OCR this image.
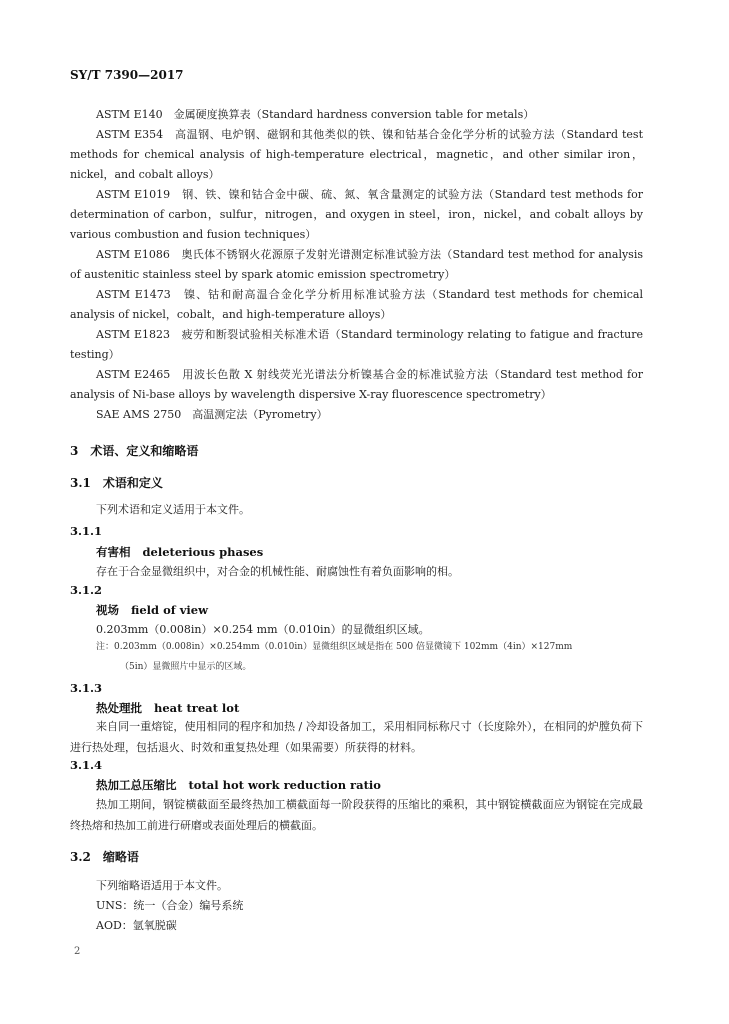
SY/T 7390—2017

ASTM E140　金属硬度换算表（Standard hardness conversion table for metals）

ASTM E354　高温钢、电炉钢、磁钢和其他类似的铁、镍和钴基合金化学分析的试验方法（Standard test methods for chemical analysis of high-temperature electrical，magnetic，and other similar iron，nickel，and cobalt alloys）

ASTM E1019　钢、铁、镍和钴合金中碳、硫、氮、氧含量测定的试验方法（Standard test methods for determination of carbon，sulfur，nitrogen，and oxygen in steel，iron，nickel，and cobalt alloys by various combustion and fusion techniques）

ASTM E1086　奥氏体不锈钢火花源原子发射光谱测定标准试验方法（Standard test method for analysis of austenitic stainless steel by spark atomic emission spectrometry）

ASTM E1473　镍、钴和耐高温合金化学分析用标准试验方法（Standard test methods for chemical analysis of nickel，cobalt，and high-temperature alloys）

ASTM E1823　疲劳和断裂试验相关标准术语（Standard terminology relating to fatigue and fracture testing）

ASTM E2465　用波长色散 X 射线荧光光谱法分析镍基合金的标准试验方法（Standard test method for analysis of Ni-base alloys by wavelength dispersive X-ray fluorescence spectrometry）

SAE AMS 2750　高温测定法（Pyrometry）

3　术语、定义和缩略语
3.1　术语和定义

下列术语和定义适用于本文件。

3.1.1
有害相 deleterious phases

存在于合金显微组织中，对合金的机械性能、耐腐蚀性有着负面影响的相。

3.1.2
视场 field of view
0.203mm（0.008in）×0.254 mm（0.010in）的显微组织区域。

注：0.203mm（0.008in）×0.254mm（0.010in）显微组织区域是指在 500 倍显微镜下 102mm（4in）×127mm

（5in）显微照片中显示的区域。

3.1.3
热处理批 heat treat lot

来自同一重熔锭，使用相同的程序和加热 / 冷却设备加工，采用相同标称尺寸（长度除外），在相同的炉膛负荷下进行热处理，包括退火、时效和重复热处理（如果需要）所获得的材料。

3.1.4
热加工总压缩比 total hot work reduction ratio

热加工期间，钢锭横截面至最终热加工横截面每一阶段获得的压缩比的乘积，其中钢锭横截面应为钢锭在完成最终热熔和热加工前进行研磨或表面处理后的横截面。

3.2　缩略语
下列缩略语适用于本文件。
UNS：统一（合金）编号系统
AOD：氩氧脱碳
2
